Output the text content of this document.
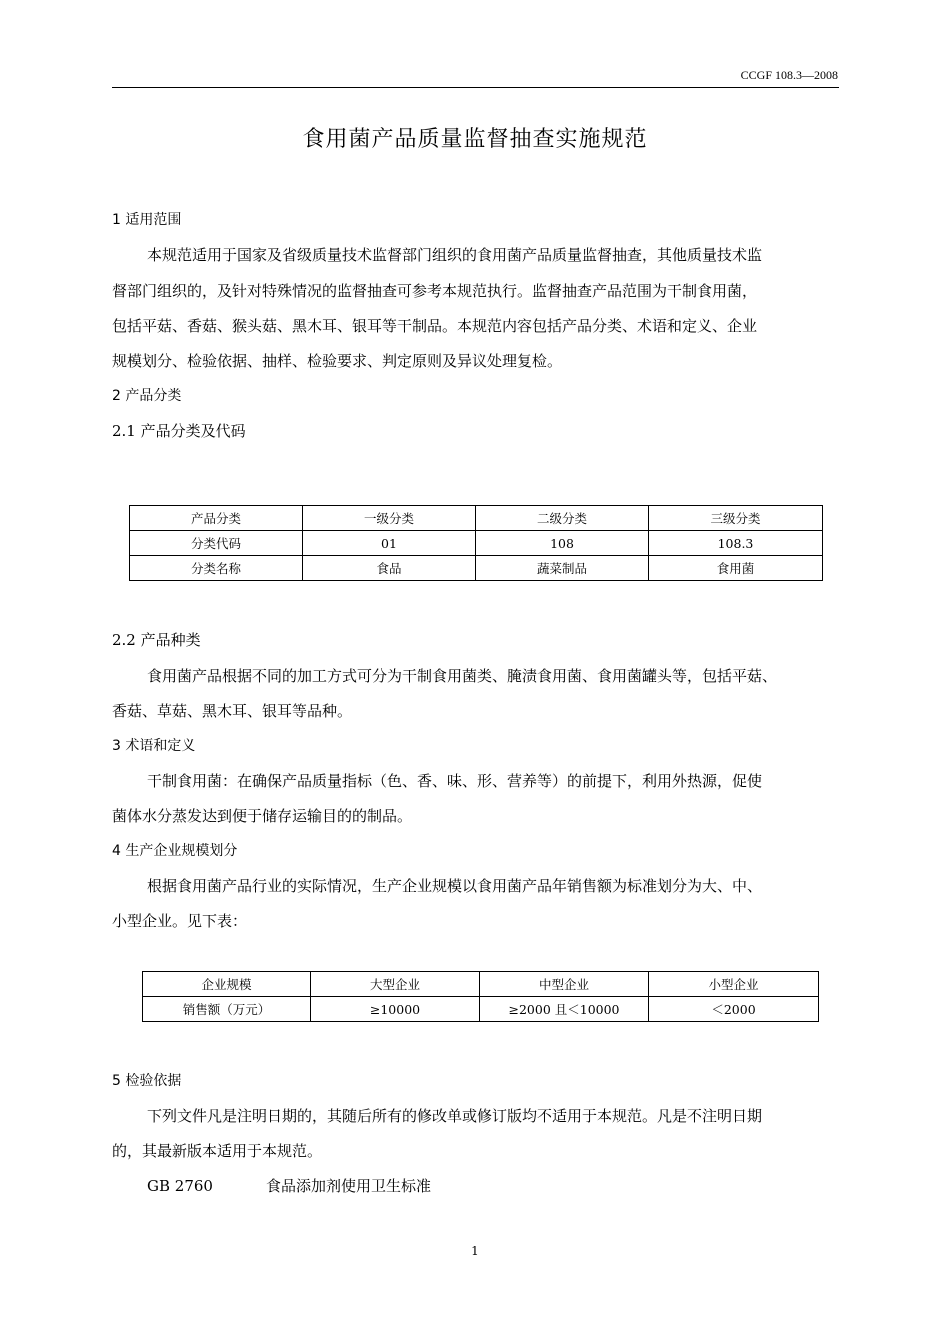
CCGF 108.3—2008
食用菌产品质量监督抽查实施规范
1 适用范围
本规范适用于国家及省级质量技术监督部门组织的食用菌产品质量监督抽查，其他质量技术监
督部门组织的，及针对特殊情况的监督抽查可参考本规范执行。监督抽查产品范围为干制食用菌，
包括平菇、香菇、猴头菇、黑木耳、银耳等干制品。本规范内容包括产品分类、术语和定义、企业
规模划分、检验依据、抽样、检验要求、判定原则及异议处理复检。
2 产品分类
2.1 产品分类及代码
产品分类	一级分类	二级分类	三级分类
分类代码	01	108	108.3
分类名称	食品	蔬菜制品	食用菌
2.2 产品种类
食用菌产品根据不同的加工方式可分为干制食用菌类、腌渍食用菌、食用菌罐头等，包括平菇、
香菇、草菇、黑木耳、银耳等品种。
3 术语和定义
干制食用菌：在确保产品质量指标（色、香、味、形、营养等）的前提下，利用外热源，促使
菌体水分蒸发达到便于储存运输目的的制品。
4 生产企业规模划分
根据食用菌产品行业的实际情况，生产企业规模以食用菌产品年销售额为标准划分为大、中、
小型企业。见下表：
企业规模	大型企业	中型企业	小型企业
销售额（万元）	≥10000	≥2000 且＜10000	＜2000
5 检验依据
下列文件凡是注明日期的，其随后所有的修改单或修订版均不适用于本规范。凡是不注明日期
的，其最新版本适用于本规范。
GB 2760	食品添加剂使用卫生标准
1
